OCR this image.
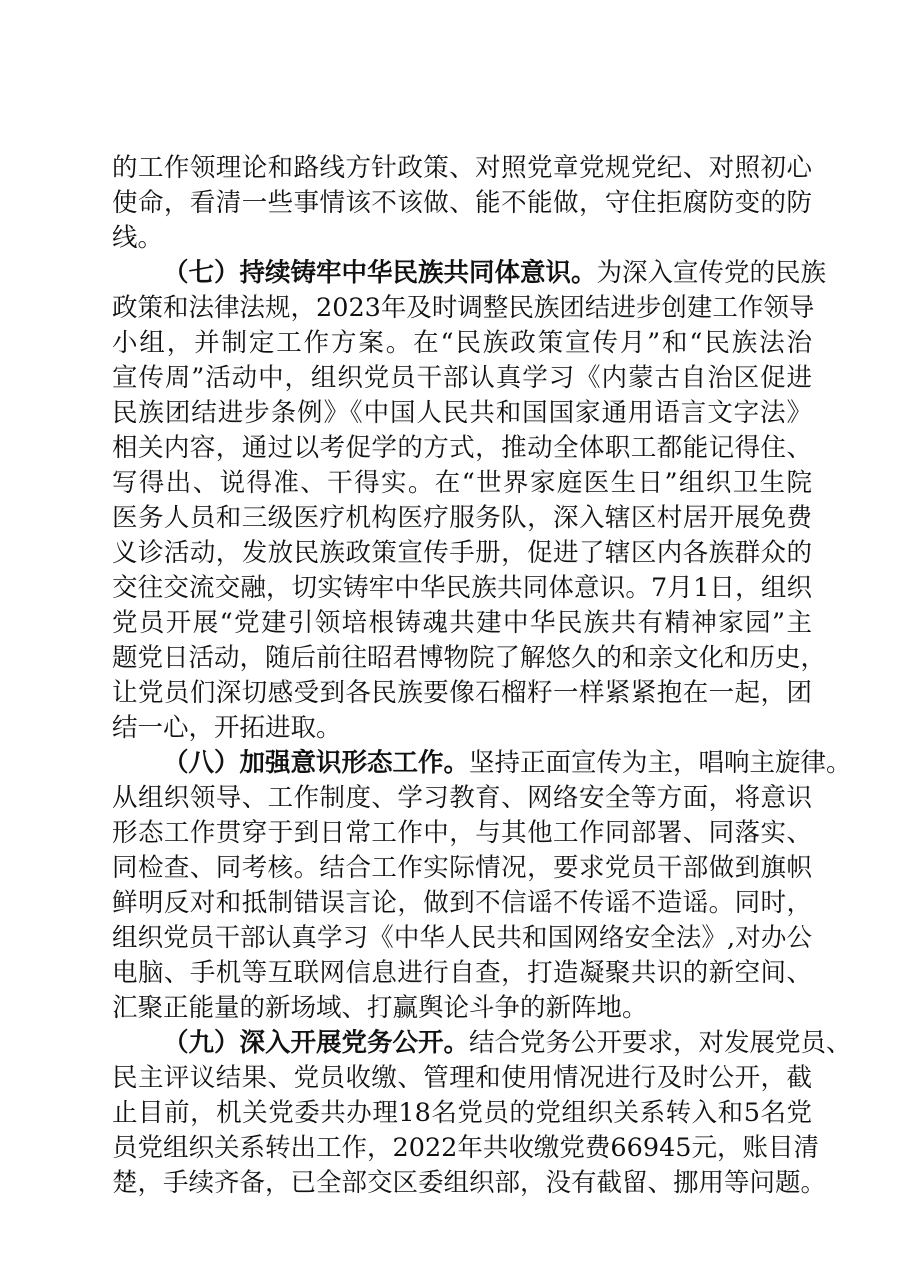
的工作领理论和路线方针政策、对照党章党规党纪、对照初心
使命，看清一些事情该不该做、能不能做，守住拒腐防变的防
线。
（七）持续铸牢中华民族共同体意识。为深入宣传党的民族
政策和法律法规，2023年及时调整民族团结进步创建工作领导
小组，并制定工作方案。在“民族政策宣传月”和“民族法治
宣传周”活动中，组织党员干部认真学习《内蒙古自治区促进
民族团结进步条例》《中国人民共和国国家通用语言文字法》
相关内容，通过以考促学的方式，推动全体职工都能记得住、
写得出、说得准、干得实。在“世界家庭医生日”组织卫生院
医务人员和三级医疗机构医疗服务队，深入辖区村居开展免费
义诊活动，发放民族政策宣传手册，促进了辖区内各族群众的
交往交流交融，切实铸牢中华民族共同体意识。7月1日，组织
党员开展“党建引领培根铸魂共建中华民族共有精神家园”主
题党日活动，随后前往昭君博物院了解悠久的和亲文化和历史，
让党员们深切感受到各民族要像石榴籽一样紧紧抱在一起，团
结一心，开拓进取。
（八）加强意识形态工作。坚持正面宣传为主，唱响主旋律。
从组织领导、工作制度、学习教育、网络安全等方面，将意识
形态工作贯穿于到日常工作中，与其他工作同部署、同落实、
同检查、同考核。结合工作实际情况，要求党员干部做到旗帜
鲜明反对和抵制错误言论，做到不信谣不传谣不造谣。同时，
组织党员干部认真学习《中华人民共和国网络安全法》,对办公
电脑、手机等互联网信息进行自查，打造凝聚共识的新空间、
汇聚正能量的新场域、打赢舆论斗争的新阵地。
（九）深入开展党务公开。结合党务公开要求，对发展党员、
民主评议结果、党员收缴、管理和使用情况进行及时公开，截
止目前，机关党委共办理18名党员的党组织关系转入和5名党
员党组织关系转出工作，2022年共收缴党费66945元，账目清
楚，手续齐备，已全部交区委组织部，没有截留、挪用等问题。
